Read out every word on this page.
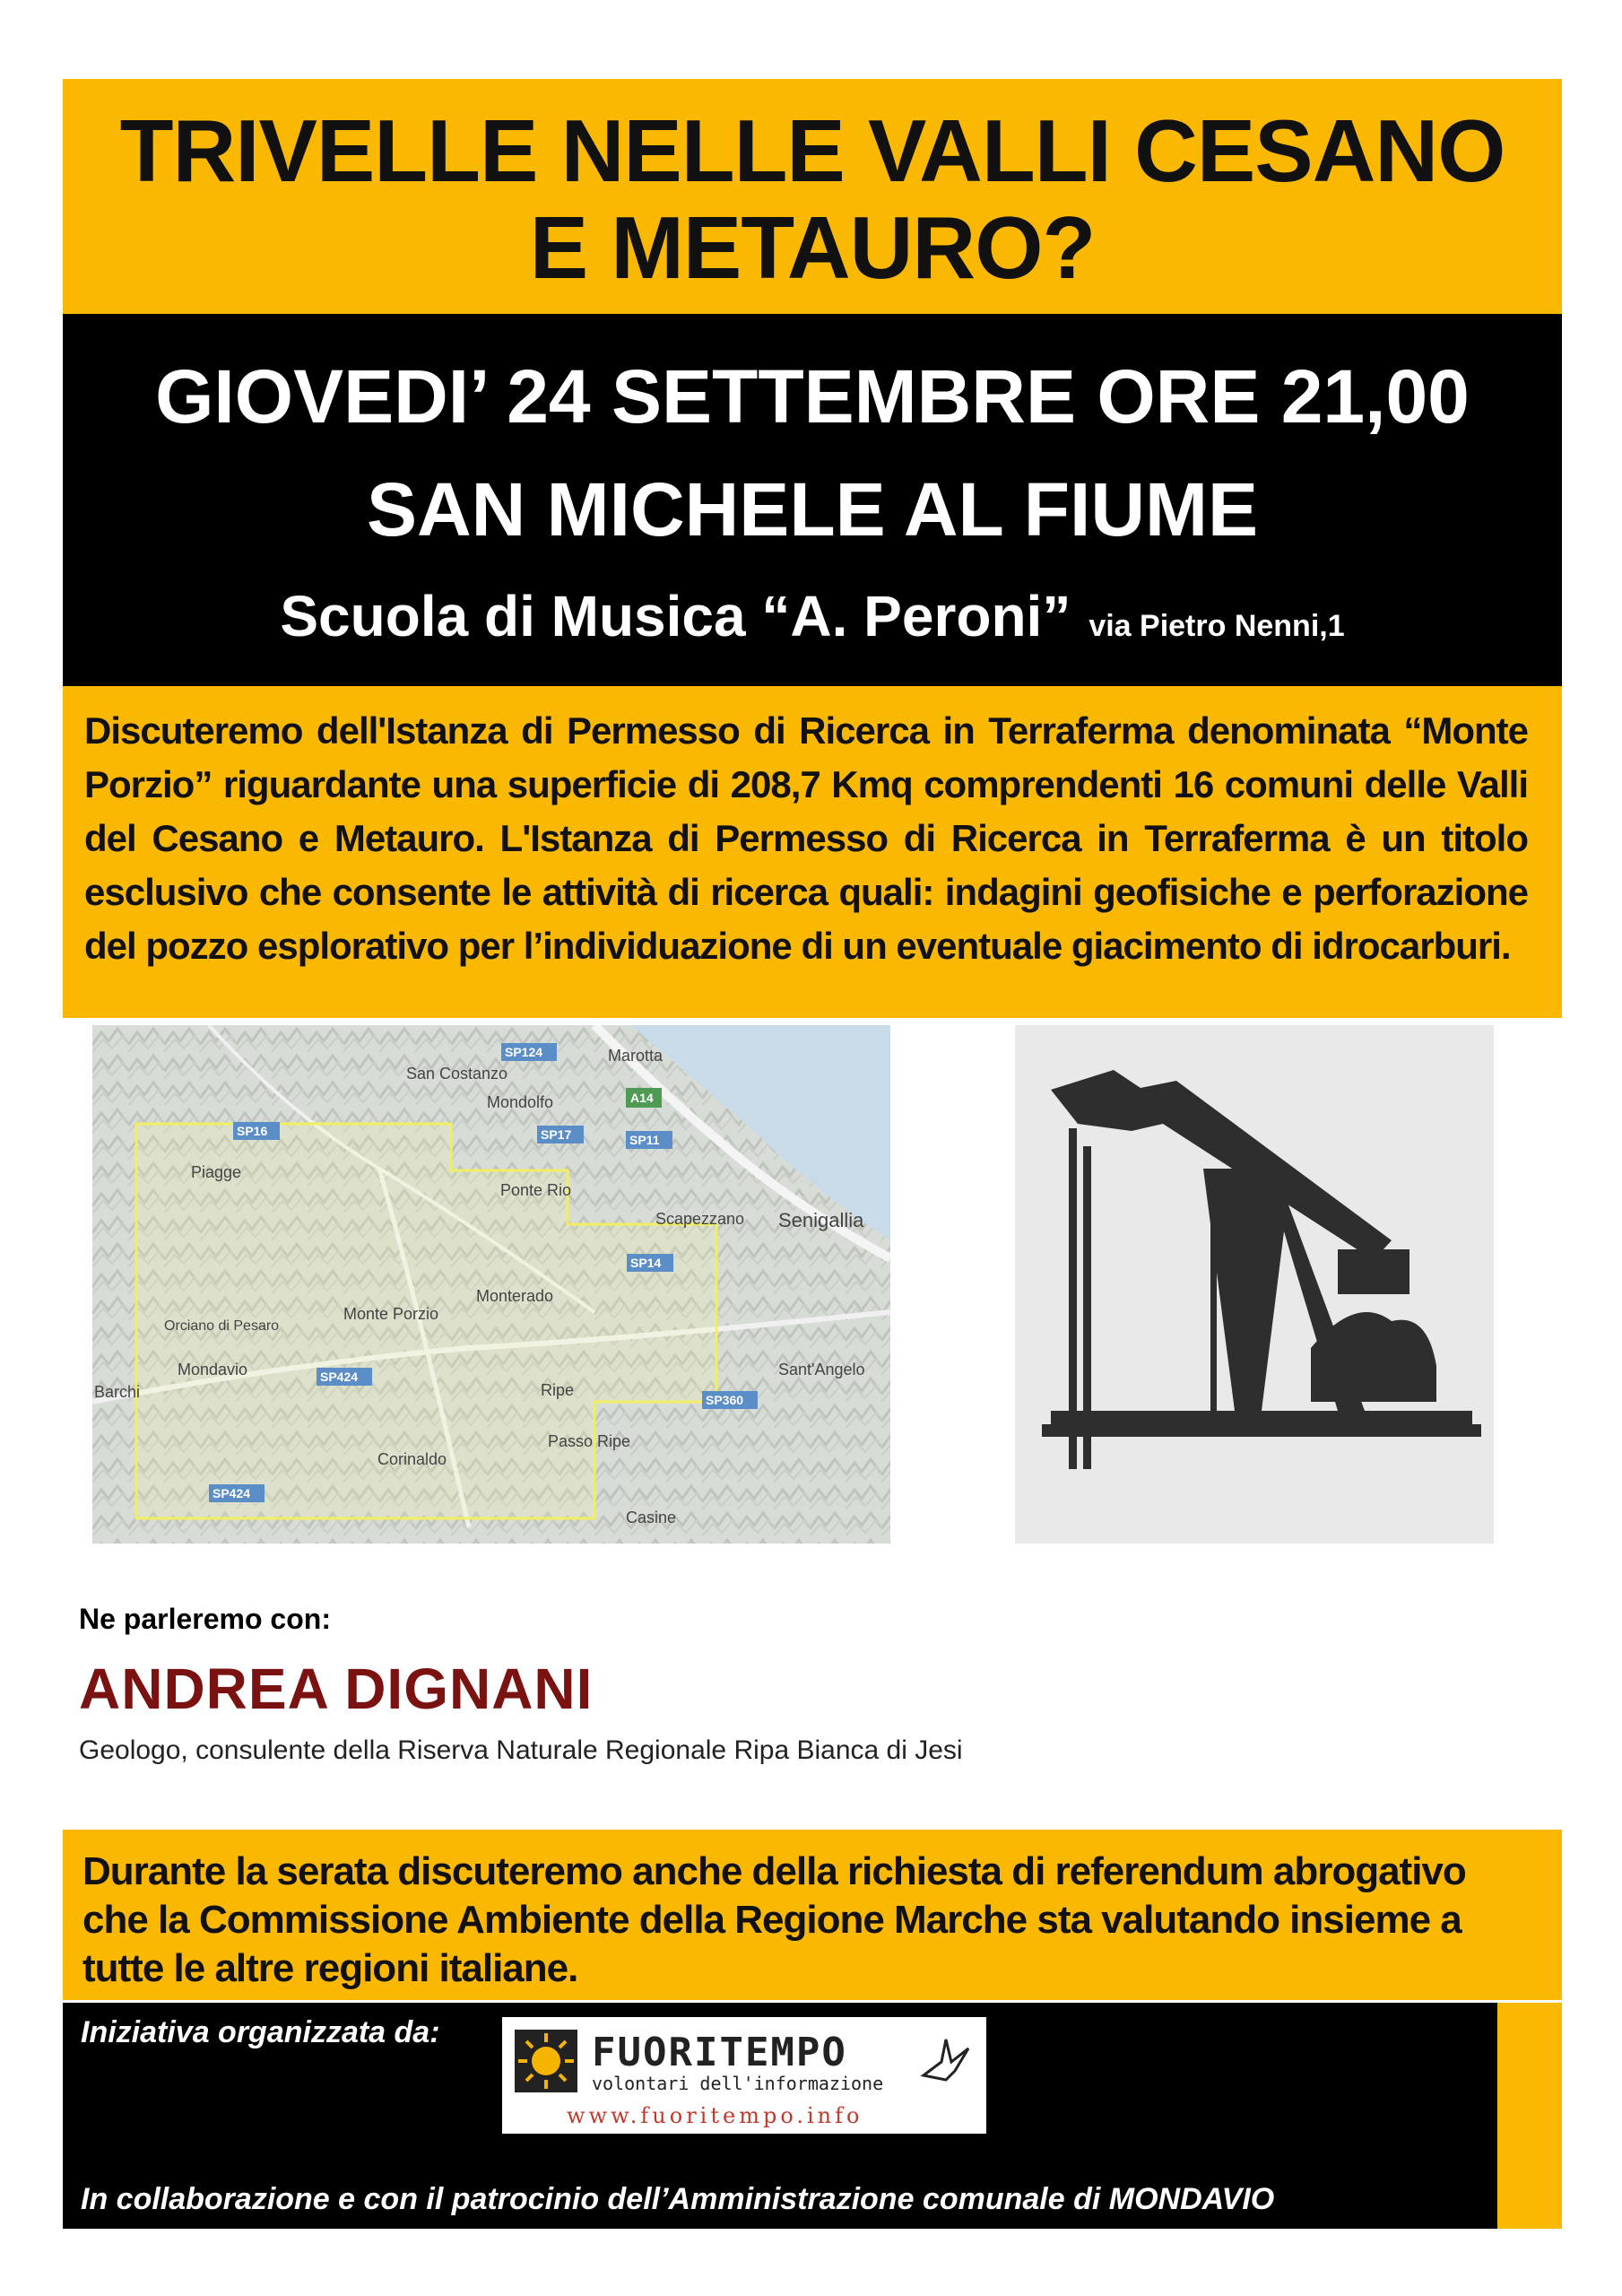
TRIVELLE NELLE VALLI CESANO
E METAURO?
GIOVEDI’ 24 SETTEMBRE ORE 21,00
SAN MICHELE AL FIUME
Scuola di Musica “A. Peroni” via Pietro Nenni,1

Discuteremo dell'Istanza di Permesso di Ricerca in Terraferma denominata “Monte Porzio” riguardante una superficie di 208,7 Kmq comprendenti 16 comuni delle Valli del Cesano e Metauro. L'Istanza di Permesso di Ricerca in Terraferma è un titolo esclusivo che consente le attività di ricerca quali: indagini geofisiche e perforazione del pozzo esplorativo per l’individuazione di un eventuale giacimento di idrocarburi.

Marotta
San Costanzo
Mondolfo
Piagge
Ponte Rio
Scapezzano Senigallia
Monterado
Monte Porzio
Orciano di Pesaro
Mondavio
Barchi	Ripe
Sant'Angelo
Passo Ripe
Corinaldo
Casine
SP124
A14
SP16	SP17	SP11
SP14
SP424
SP360
SP424
Ne parleremo con:
ANDREA DIGNANI
Geologo, consulente della Riserva Naturale Regionale Ripa Bianca di Jesi

Durante la serata discuteremo anche della richiesta di referendum abrogativo che la Commissione Ambiente della Regione Marche sta valutando insieme a tutte le altre regioni italiane.

Iniziativa organizzata da:	FUORITEMPO
volontari dell'informazione
www.fuoritempo.info
In collaborazione e con il patrocinio dell’Amministrazione comunale di MONDAVIO
